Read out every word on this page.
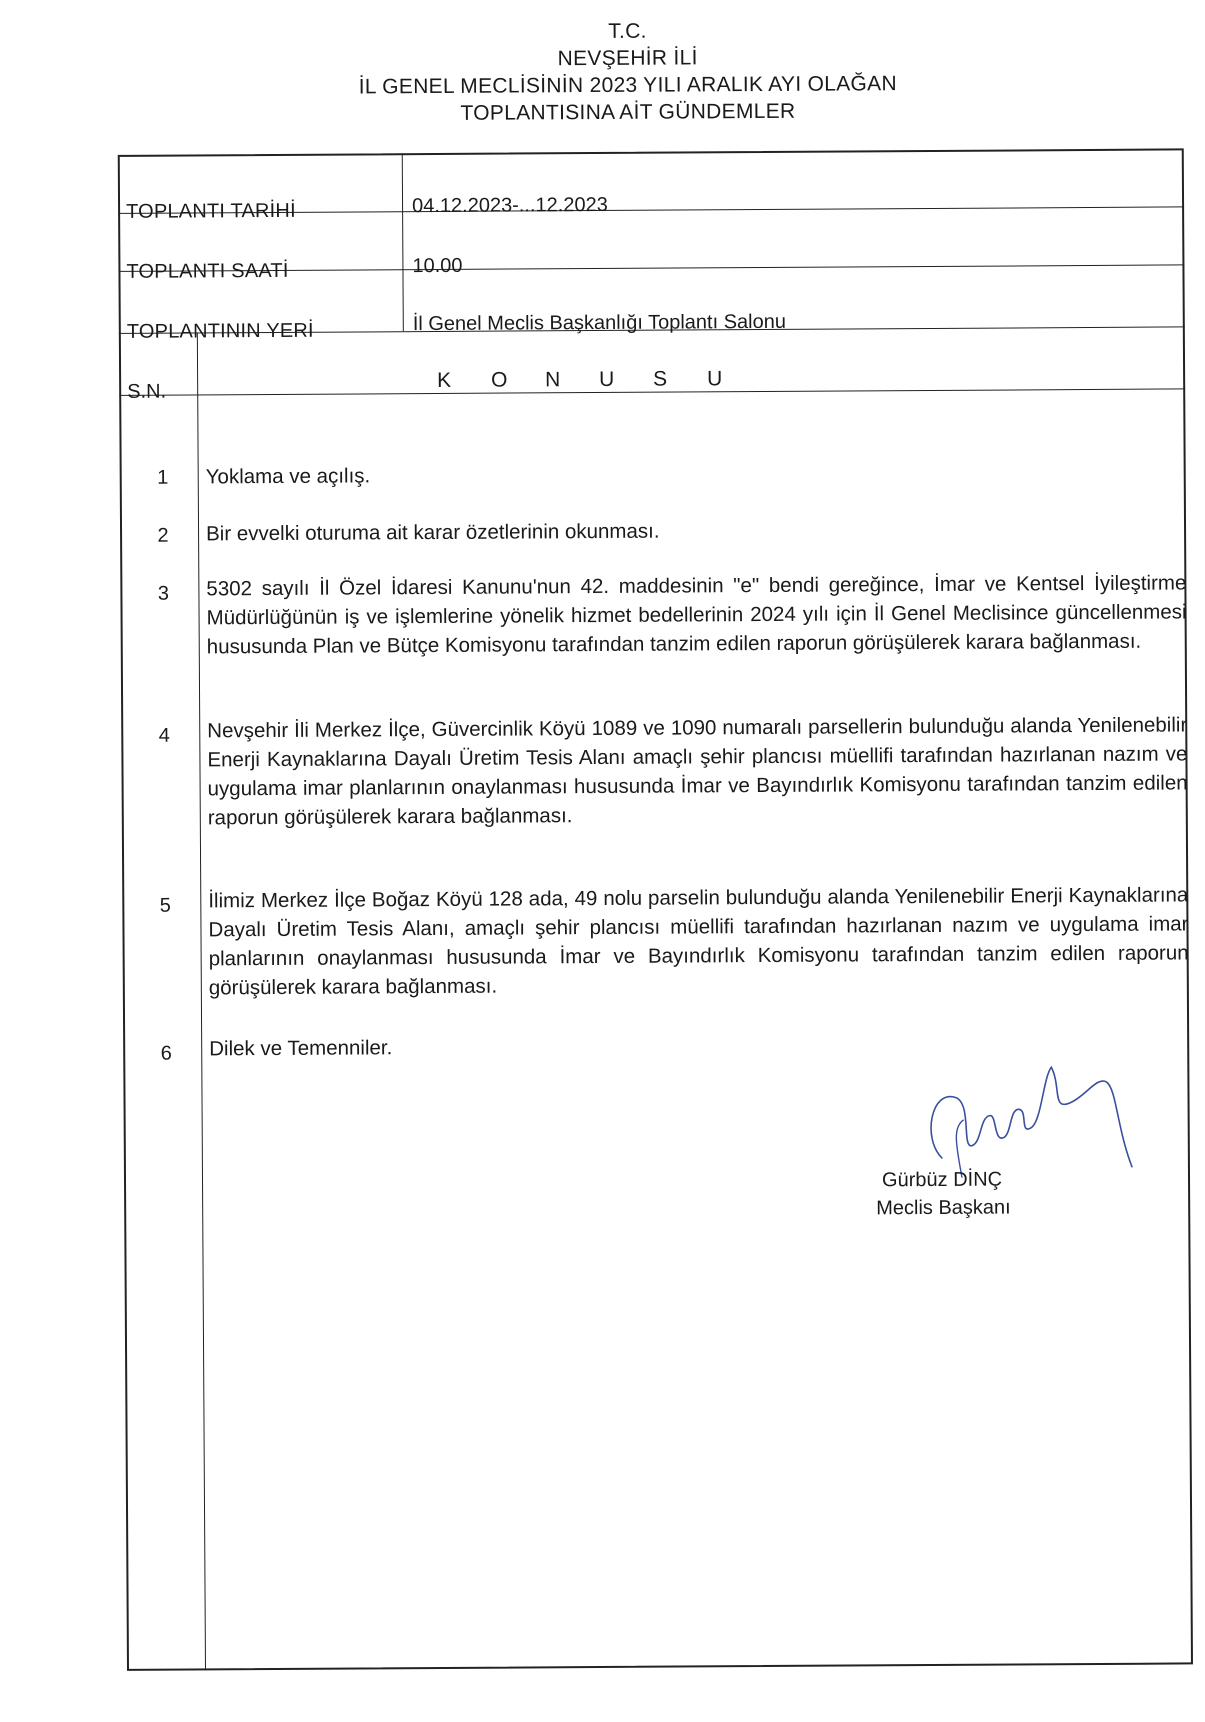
T.C.
NEVŞEHİR İLİ
İL GENEL MECLİSİNİN 2023 YILI ARALIK AYI OLAĞAN
TOPLANTISINA AİT GÜNDEMLER
TOPLANTI TARİHİ	04.12.2023-...12.2023
TOPLANTI SAATİ	10.00
TOPLANTININ YERİ	İl Genel Meclis Başkanlığı Toplantı Salonu
S.N.	K O N U S U
1	Yoklama ve açılış.
2	Bir evvelki oturuma ait karar özetlerinin okunması.
3	5302 sayılı İl Özel İdaresi Kanunu'nun 42. maddesinin "e" bendi gereğince, İmar ve Kentsel İyileştirme Müdürlüğünün iş ve işlemlerine yönelik hizmet bedellerinin 2024 yılı için İl Genel Meclisince güncellenmesi hususunda Plan ve Bütçe Komisyonu tarafından tanzim edilen raporun görüşülerek karara bağlanması.
4	Nevşehir İli Merkez İlçe, Güvercinlik Köyü 1089 ve 1090 numaralı parsellerin bulunduğu alanda Yenilenebilir Enerji Kaynaklarına Dayalı Üretim Tesis Alanı amaçlı şehir plancısı müellifi tarafından hazırlanan nazım ve uygulama imar planlarının onaylanması hususunda İmar ve Bayındırlık Komisyonu tarafından tanzim edilen raporun görüşülerek karara bağlanması.
5	İlimiz Merkez İlçe Boğaz Köyü 128 ada, 49 nolu parselin bulunduğu alanda Yenilenebilir Enerji Kaynaklarına Dayalı Üretim Tesis Alanı, amaçlı şehir plancısı müellifi tarafından hazırlanan nazım ve uygulama imar planlarının onaylanması hususunda İmar ve Bayındırlık Komisyonu tarafından tanzim edilen raporun görüşülerek karara bağlanması.
6	Dilek ve Temenniler.
Gürbüz DİNÇ
Meclis Başkanı
